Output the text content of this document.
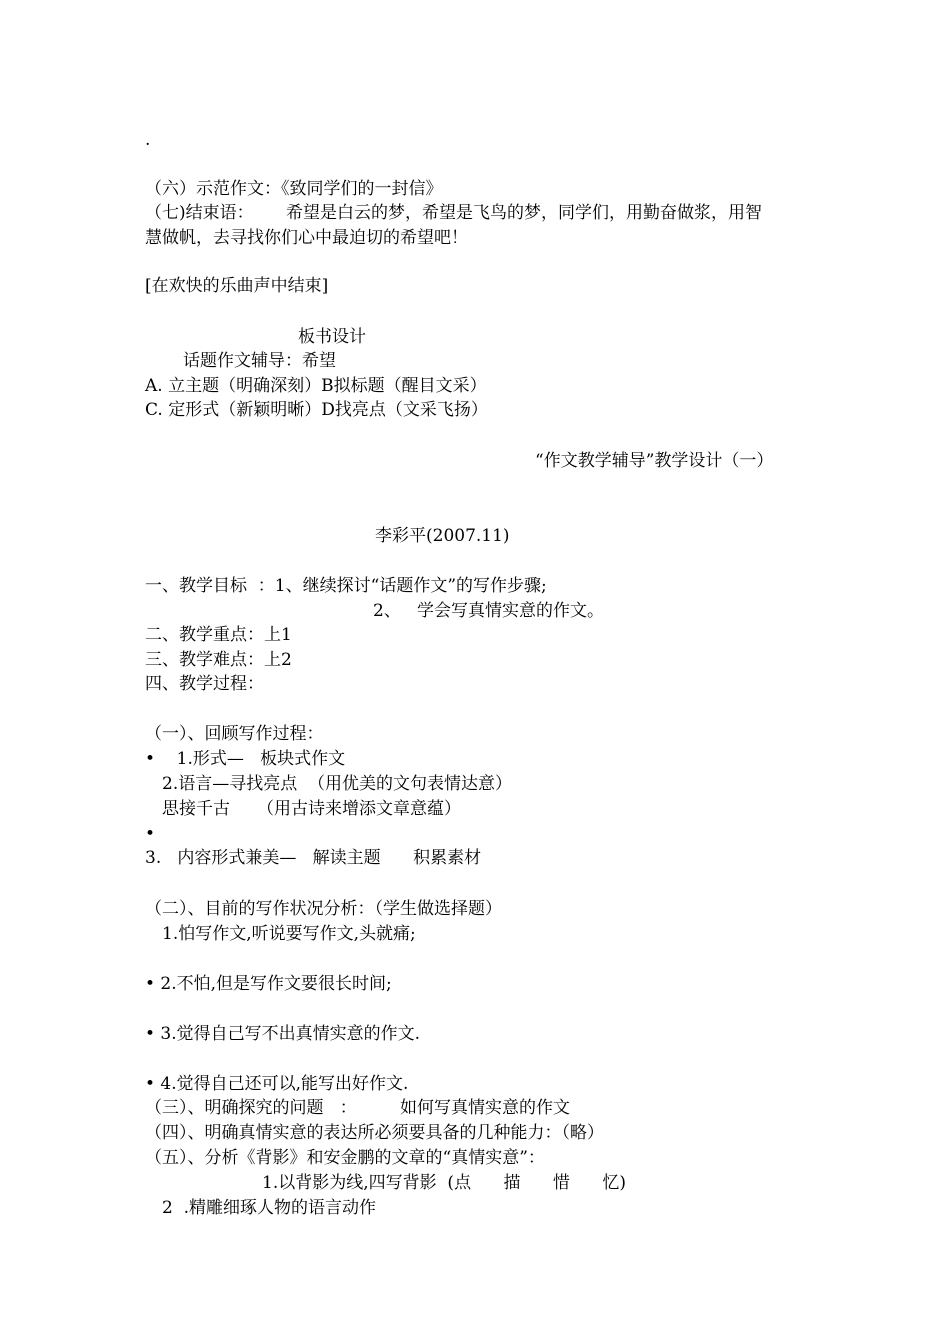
.
（六）示范作文：《致同学们的一封信》
（七)结束语：      希望是白云的梦，希望是飞鸟的梦，同学们，用勤奋做浆，用智
慧做帆，去寻找你们心中最迫切的希望吧！
[在欢快的乐曲声中结束]
板书设计
话题作文辅导：希望
A. 立主题（明确深刻）B拟标题（醒目文采）
C. 定形式（新颖明晰）D找亮点（文采飞扬）
“作文教学辅导”教学设计（一）
李彩平(2007.11)
一、教学目标  ：1、继续探讨“话题作文”的写作步骤;
2、   学会写真情实意的作文。
二、教学重点：上1
三、教学难点：上2
四、教学过程：
（一）、回顾写作过程：
•    1.形式—   板块式作文
2.语言—寻找亮点  （用优美的文句表情达意）
思接千古     （用古诗来增添文章意蕴）
•
3.   内容形式兼美—   解读主题      积累素材
（二）、目前的写作状况分析：（学生做选择题）
1.怕写作文,听说要写作文,头就痛;
• 2.不怕,但是写作文要很长时间;
• 3.觉得自己写不出真情实意的作文.
• 4.觉得自己还可以,能写出好作文.
（三）、明确探究的问题   ：        如何写真情实意的作文
（四）、明确真情实意的表达所必须要具备的几种能力：（略）
（五）、分析《背影》和安金鹏的文章的“真情实意”：
1.以背影为线,四写背影  (点      描      惜      忆)
2  .精雕细琢人物的语言动作
